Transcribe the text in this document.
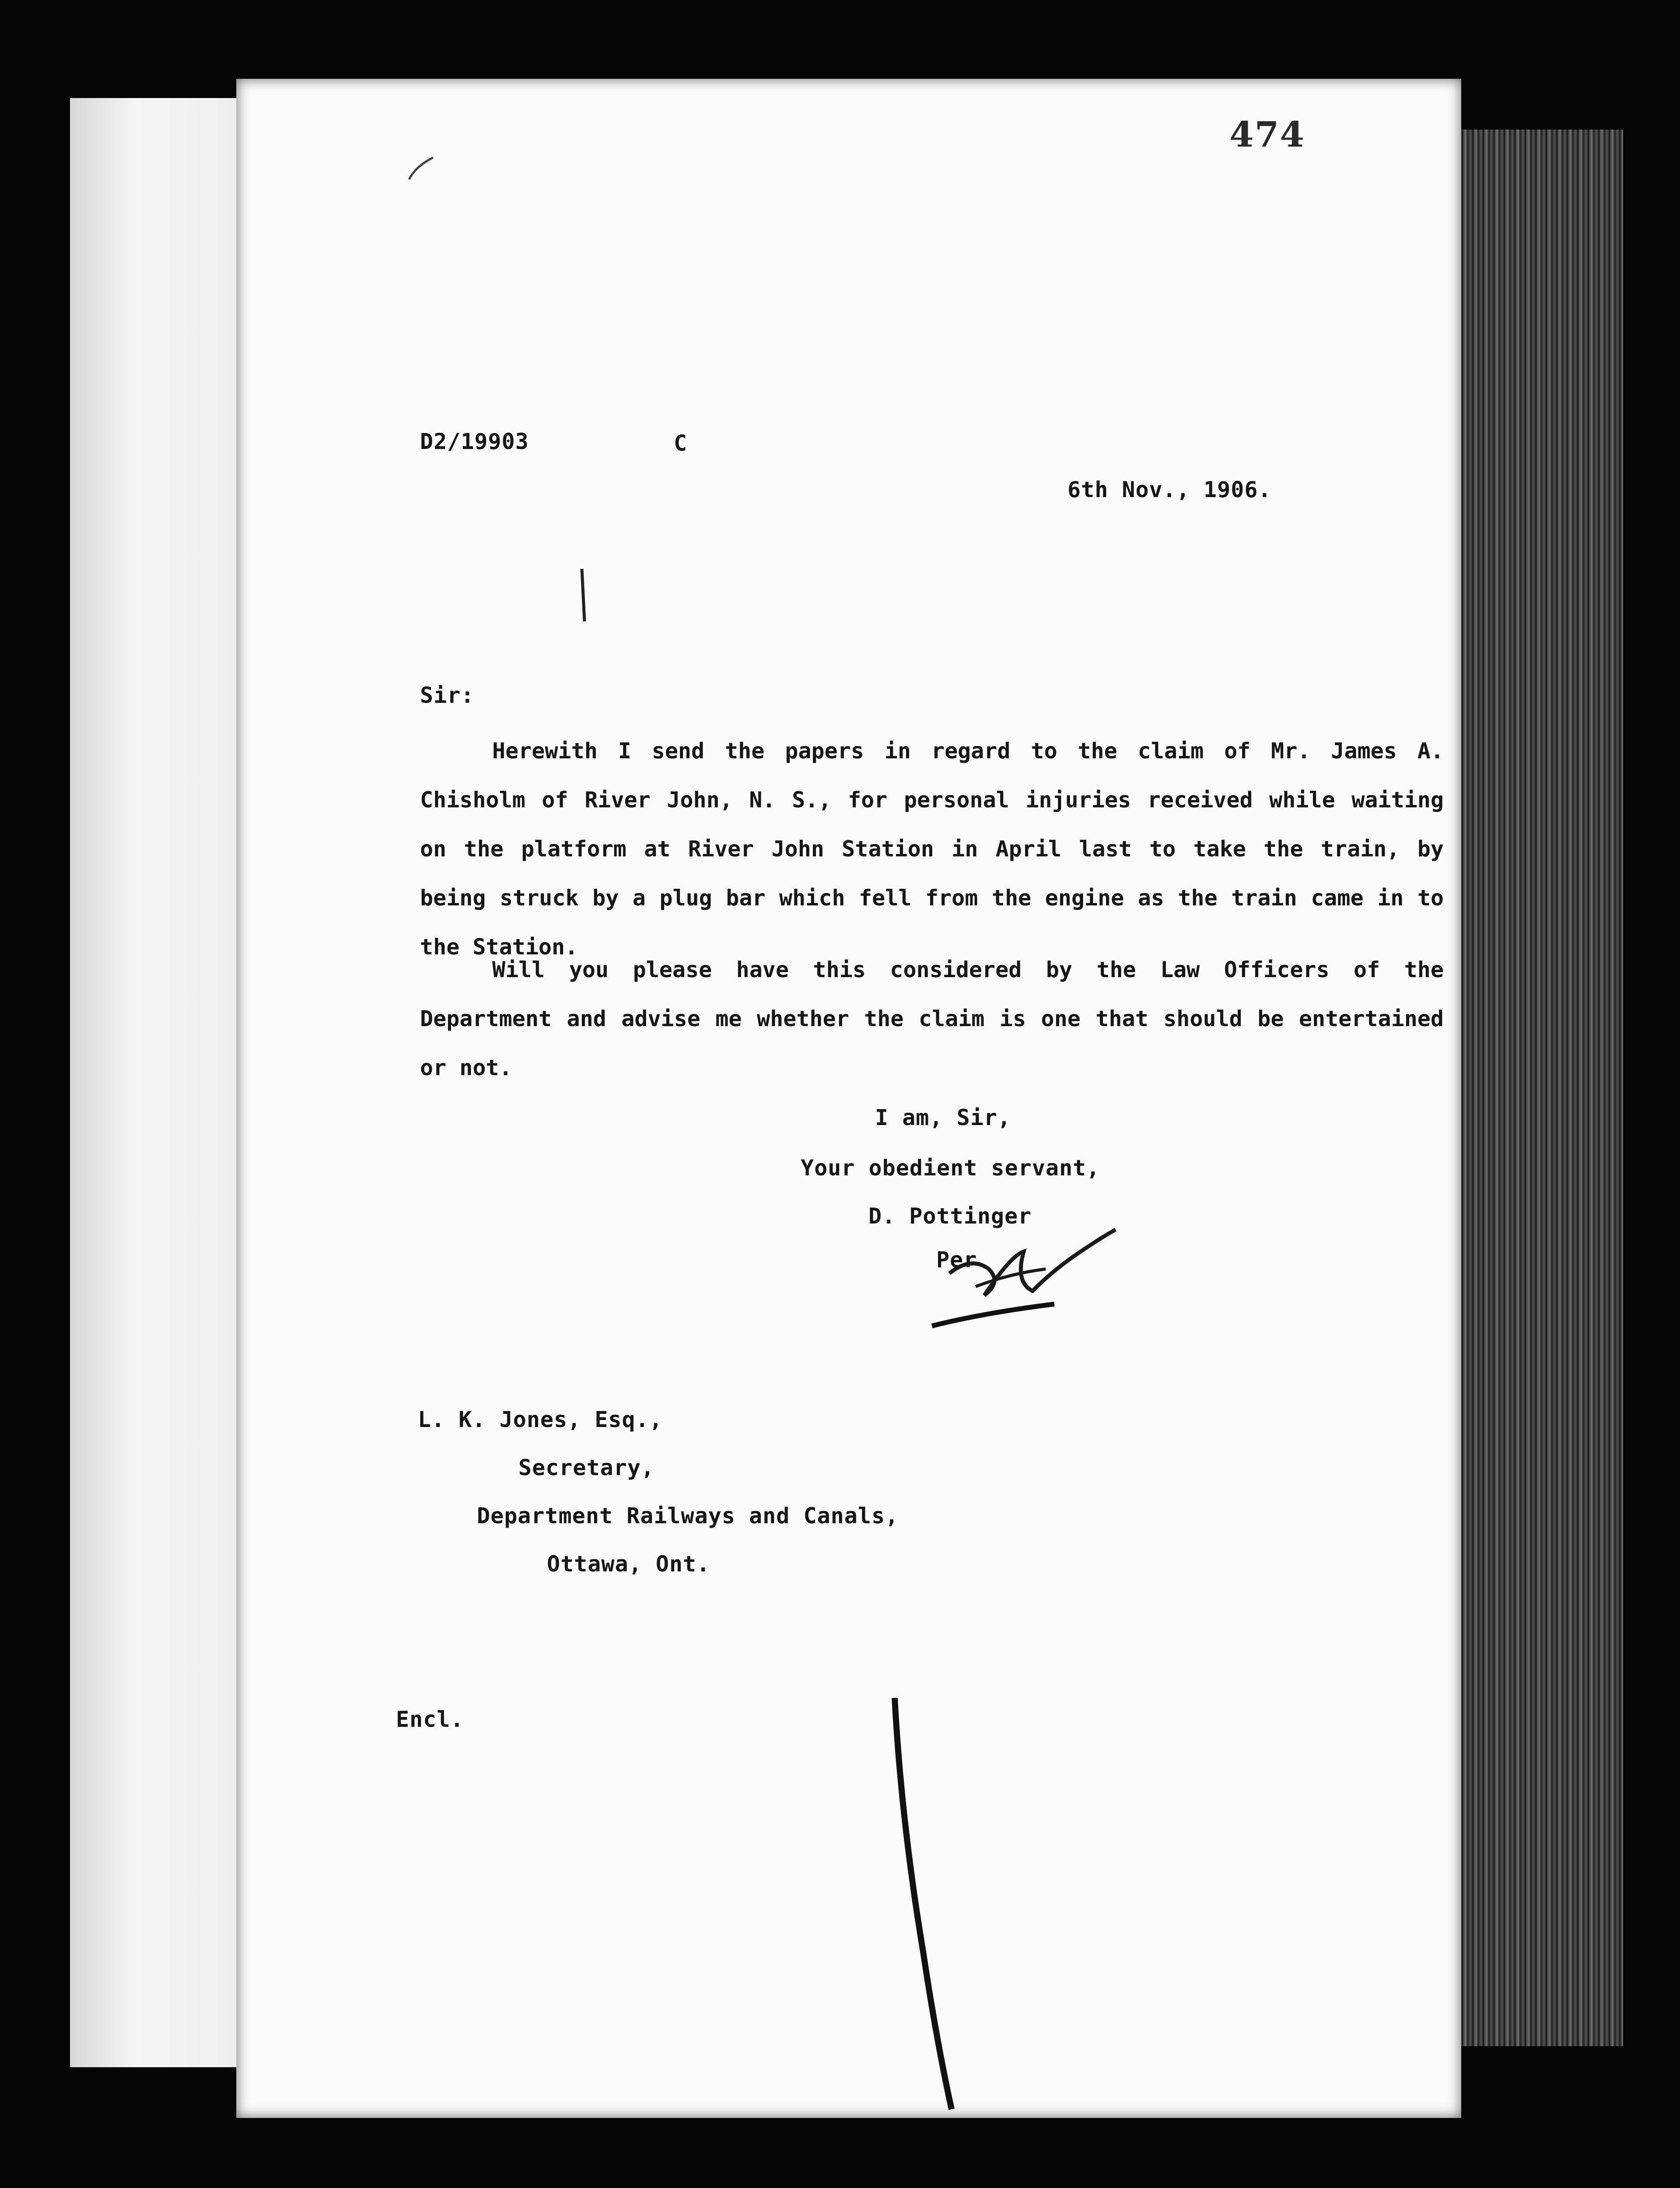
474
D2/19903	C
6th Nov., 1906.
Sir:
Herewith I send the papers in regard to the claim of Mr. James A. Chisholm of River John, N. S., for personal injuries received while waiting on the platform at River John Station in April last to take the train, by being struck by a plug bar which fell from the engine as the train came in to the Station.
Will you please have this considered by the Law Officers of the Department and advise me whether the claim is one that should be entertained or not.
I am, Sir,
Your obedient servant,
D. Pottinger
Per
L. K. Jones, Esq.,
Secretary,
Department Railways and Canals,
Ottawa, Ont.
Encl.
